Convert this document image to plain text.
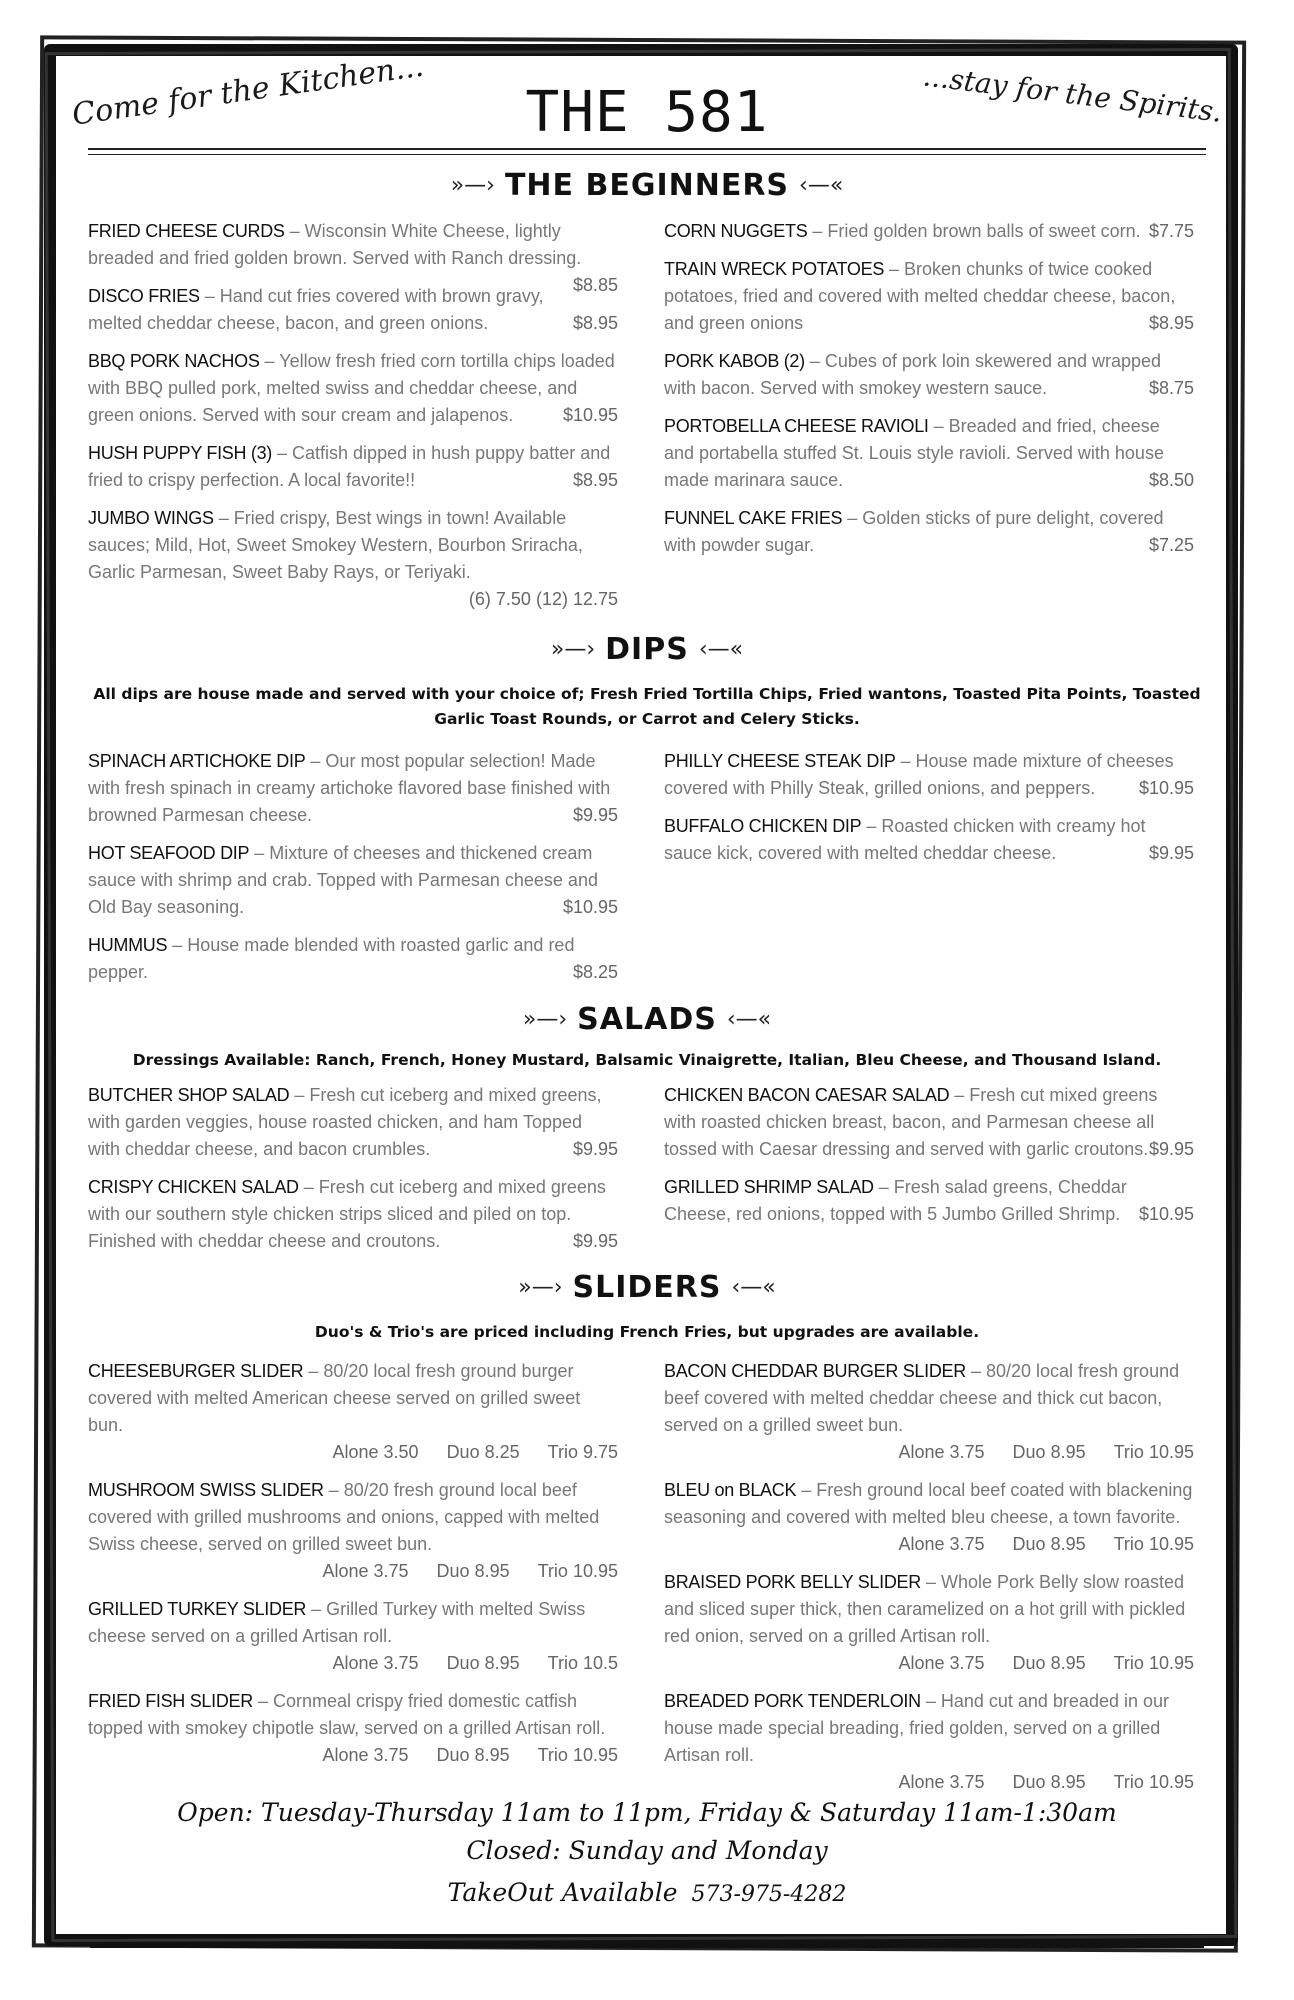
Come for the Kitchen...	THE 581	...stay for the Spirits.
»—› THE BEGINNERS ‹—«
FRIED CHEESE CURDS – Wisconsin White Cheese, lightly breaded and fried golden brown. Served with Ranch dressing.
$8.85
DISCO FRIES – Hand cut fries covered with brown gravy, melted cheddar cheese, bacon, and green onions.	$8.95
BBQ PORK NACHOS – Yellow fresh fried corn tortilla chips loaded with BBQ pulled pork, melted swiss and cheddar cheese, and green onions. Served with sour cream and jalapenos.	$10.95
HUSH PUPPY FISH (3) – Catfish dipped in hush puppy batter and fried to crispy perfection. A local favorite!!	$8.95
JUMBO WINGS – Fried crispy, Best wings in town! Available sauces; Mild, Hot, Sweet Smokey Western, Bourbon Sriracha, Garlic Parmesan, Sweet Baby Rays, or Teriyaki.
(6) 7.50 (12) 12.75
CORN NUGGETS – Fried golden brown balls of sweet corn. $7.75
TRAIN WRECK POTATOES – Broken chunks of twice cooked potatoes, fried and covered with melted cheddar cheese, bacon, and green onions	$8.95
PORK KABOB (2) – Cubes of pork loin skewered and wrapped with bacon. Served with smokey western sauce.	$8.75
PORTOBELLA CHEESE RAVIOLI – Breaded and fried, cheese and portabella stuffed St. Louis style ravioli. Served with house made marinara sauce.	$8.50
FUNNEL CAKE FRIES – Golden sticks of pure delight, covered with powder sugar.	$7.25
»—› DIPS ‹—«
All dips are house made and served with your choice of; Fresh Fried Tortilla Chips, Fried wantons, Toasted Pita Points, Toasted Garlic Toast Rounds, or Carrot and Celery Sticks.
SPINACH ARTICHOKE DIP – Our most popular selection! Made with fresh spinach in creamy artichoke flavored base finished with browned Parmesan cheese.	$9.95
HOT SEAFOOD DIP – Mixture of cheeses and thickened cream sauce with shrimp and crab. Topped with Parmesan cheese and Old Bay seasoning.	$10.95
HUMMUS – House made blended with roasted garlic and red pepper.	$8.25
PHILLY CHEESE STEAK DIP – House made mixture of cheeses covered with Philly Steak, grilled onions, and peppers. $10.95
BUFFALO CHICKEN DIP – Roasted chicken with creamy hot sauce kick, covered with melted cheddar cheese.	$9.95
»—› SALADS ‹—«
Dressings Available: Ranch, French, Honey Mustard, Balsamic Vinaigrette, Italian, Bleu Cheese, and Thousand Island.
BUTCHER SHOP SALAD – Fresh cut iceberg and mixed greens, with garden veggies, house roasted chicken, and ham Topped with cheddar cheese, and bacon crumbles.	$9.95
CRISPY CHICKEN SALAD – Fresh cut iceberg and mixed greens with our southern style chicken strips sliced and piled on top. Finished with cheddar cheese and croutons.	$9.95
CHICKEN BACON CAESAR SALAD – Fresh cut mixed greens with roasted chicken breast, bacon, and Parmesan cheese all tossed with Caesar dressing and served with garlic croutons. $9.95
GRILLED SHRIMP SALAD – Fresh salad greens, Cheddar Cheese, red onions, topped with 5 Jumbo Grilled Shrimp. $10.95
»—› SLIDERS ‹—«
Duo's & Trio's are priced including French Fries, but upgrades are available.
CHEESEBURGER SLIDER – 80/20 local fresh ground burger covered with melted American cheese served on grilled sweet bun.
Alone 3.50 Duo 8.25 Trio 9.75
MUSHROOM SWISS SLIDER – 80/20 fresh ground local beef covered with grilled mushrooms and onions, capped with melted Swiss cheese, served on grilled sweet bun.
Alone 3.75 Duo 8.95 Trio 10.95
GRILLED TURKEY SLIDER – Grilled Turkey with melted Swiss cheese served on a grilled Artisan roll.
Alone 3.75 Duo 8.95 Trio 10.5
FRIED FISH SLIDER – Cornmeal crispy fried domestic catfish topped with smokey chipotle slaw, served on a grilled Artisan roll.
Alone 3.75 Duo 8.95 Trio 10.95
BACON CHEDDAR BURGER SLIDER – 80/20 local fresh ground beef covered with melted cheddar cheese and thick cut bacon, served on a grilled sweet bun.
Alone 3.75 Duo 8.95 Trio 10.95
BLEU on BLACK – Fresh ground local beef coated with blackening seasoning and covered with melted bleu cheese, a town favorite.
Alone 3.75 Duo 8.95 Trio 10.95
BRAISED PORK BELLY SLIDER – Whole Pork Belly slow roasted and sliced super thick, then caramelized on a hot grill with pickled red onion, served on a grilled Artisan roll.
Alone 3.75 Duo 8.95 Trio 10.95
BREADED PORK TENDERLOIN – Hand cut and breaded in our house made special breading, fried golden, served on a grilled Artisan roll.
Alone 3.75 Duo 8.95 Trio 10.95
Open: Tuesday-Thursday 11am to 11pm, Friday & Saturday 11am-1:30am
Closed: Sunday and Monday
TakeOut Available 573-975-4282
